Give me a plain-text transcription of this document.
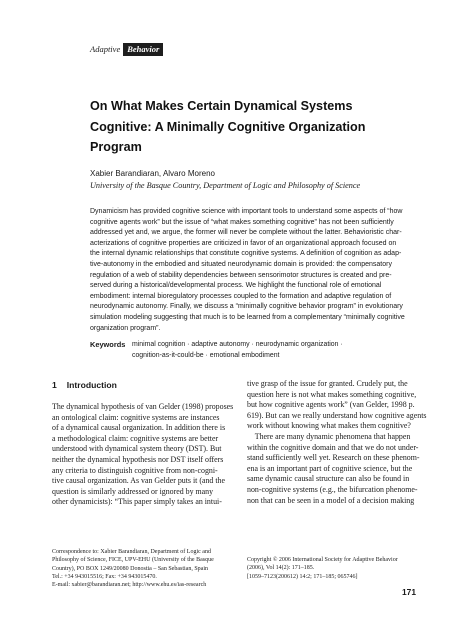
Adaptive Behavior
On What Makes Certain Dynamical Systems
Cognitive: A Minimally Cognitive Organization
Program
Xabier Barandiaran, Alvaro Moreno
University of the Basque Country, Department of Logic and Philosophy of Science
Dynamicism has provided cognitive science with important tools to understand some aspects of “how
cognitive agents work” but the issue of “what makes something cognitive” has not been sufficiently
addressed yet and, we argue, the former will never be complete without the latter. Behavioristic char-
acterizations of cognitive properties are criticized in favor of an organizational approach focused on
the internal dynamic relationships that constitute cognitive systems. A definition of cognition as adap-
tive-autonomy in the embodied and situated neurodynamic domain is provided: the compensatory
regulation of a web of stability dependencies between sensorimotor structures is created and pre-
served during a historical/developmental process. We highlight the functional role of emotional
embodiment: internal bioregulatory processes coupled to the formation and adaptive regulation of
neurodynamic autonomy. Finally, we discuss a “minimally cognitive behavior program” in evolutionary
simulation modeling suggesting that much is to be learned from a complementary “minimally cognitive
organization program”.
Keywords minimal cognition · adaptive autonomy · neurodynamic organization ·
cognition-as-it-could-be · emotional embodiment
1 Introduction
The dynamical hypothesis of van Gelder (1998) proposes
an ontological claim: cognitive systems are instances
of a dynamical causal organization. In addition there is
a methodological claim: cognitive systems are better
understood with dynamical system theory (DST). But
neither the dynamical hypothesis nor DST itself offers
any criteria to distinguish cognitive from non-cogni-
tive causal organization. As van Gelder puts it (and the
question is similarly addressed or ignored by many
other dynamicists): “This paper simply takes an intui-
tive grasp of the issue for granted. Crudely put, the
question here is not what makes something cognitive,
but how cognitive agents work” (van Gelder, 1998 p.
619). But can we really understand how cognitive agents
work without knowing what makes them cognitive?
There are many dynamic phenomena that happen
within the cognitive domain and that we do not under-
stand sufficiently well yet. Research on these phenom-
ena is an important part of cognitive science, but the
same dynamic causal structure can also be found in
non-cognitive systems (e.g., the bifurcation phenome-
non that can be seen in a model of a decision making
Correspondence to: Xabier Barandiaran, Department of Logic and
Philosophy of Science, FICE, UPV-EHU (University of the Basque
Country), PO BOX 1249/20080 Donostia – San Sebastian, Spain
Tel.: +34 943015516; Fax: +34 943015470.
E-mail: xabier@barandiaran.net; http://www.ehu.es/ias-research
Copyright © 2006 International Society for Adaptive Behavior
(2006), Vol 14(2): 171–185.
[1059–7123(200612) 14:2; 171–185; 065746]
171
